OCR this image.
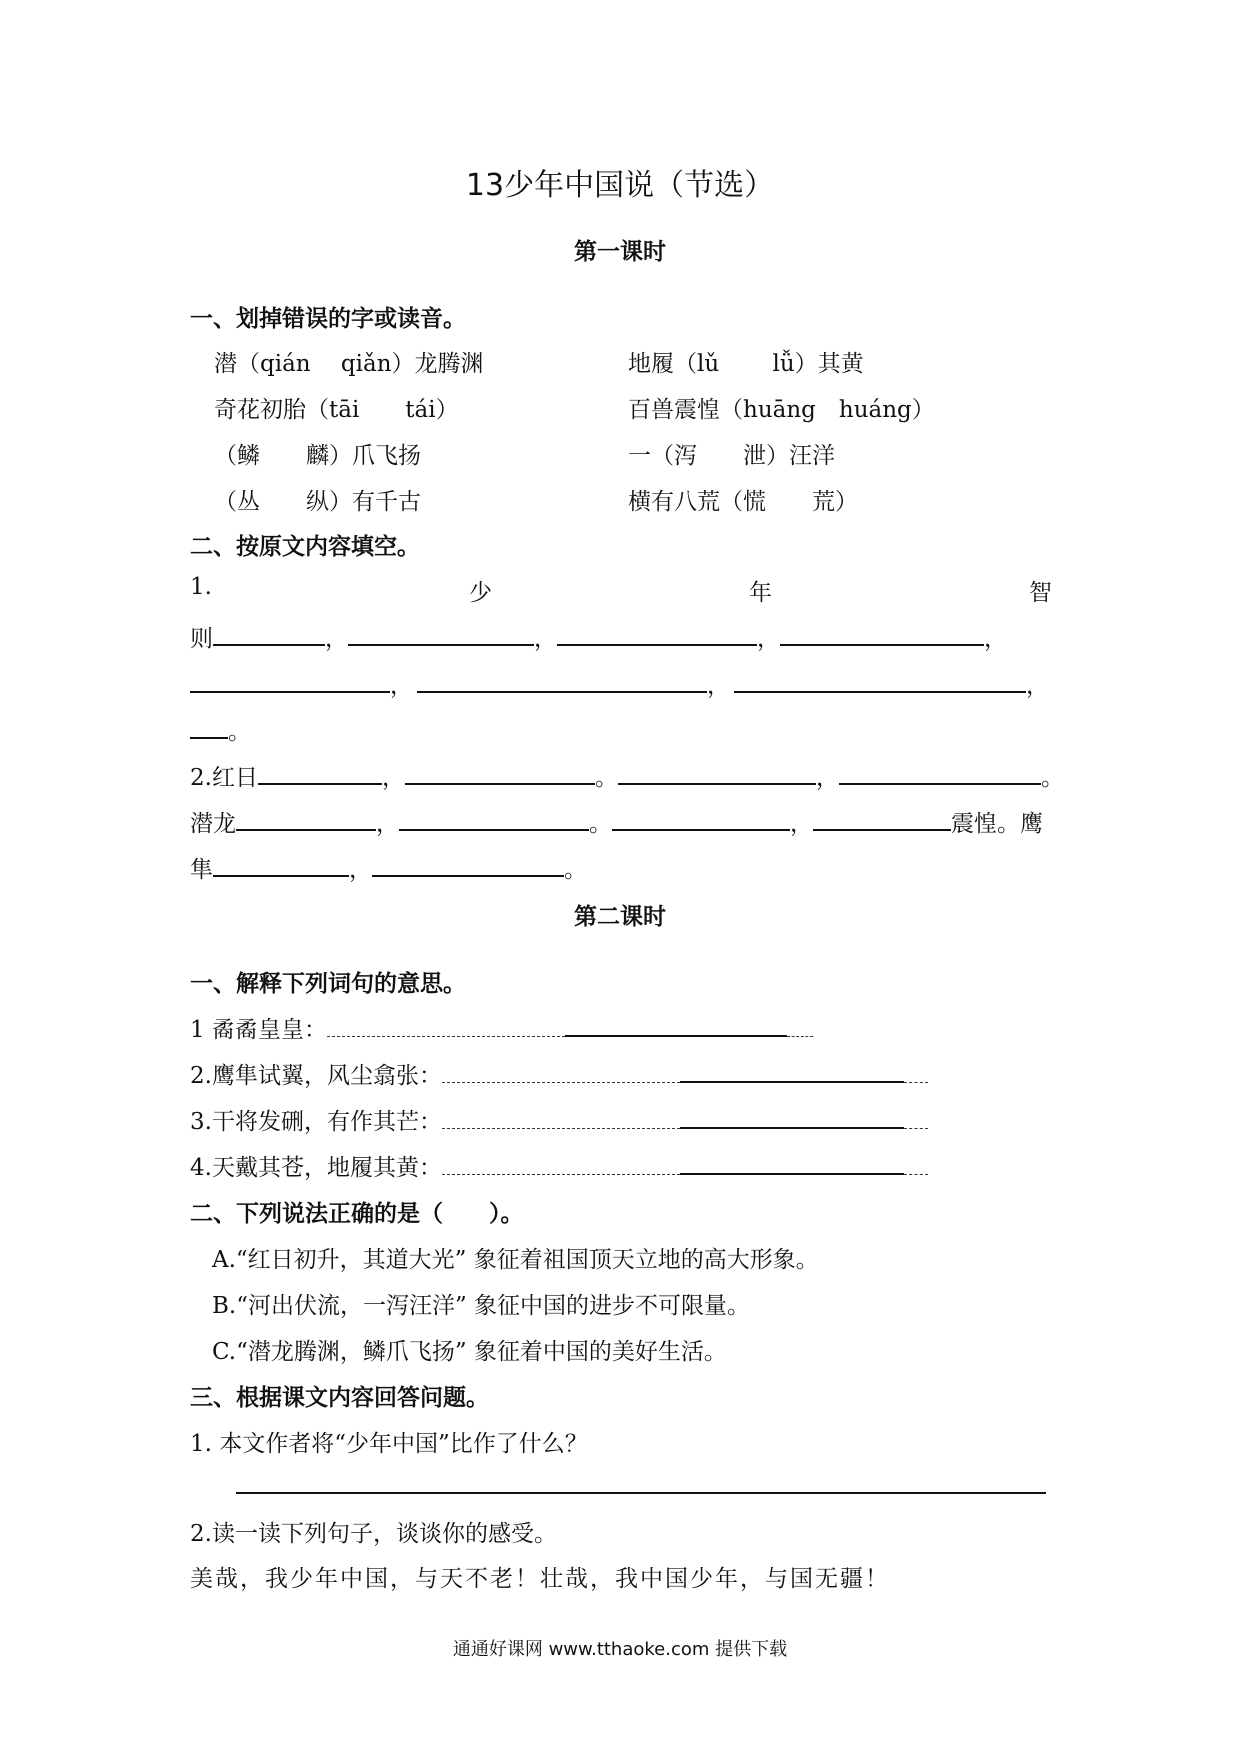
13少年中国说（节选）
第一课时
一、划掉错误的字或读音。
潜（qián　 qiǎn）龙腾渊	地履（lǔ　　 lǚ）其黄
奇花初胎（tāi　　tái）	百兽震惶（huāng　huáng）
（鳞　　麟）爪飞扬	一（泻　　泄）汪洋
（丛　　纵）有千古	横有八荒（慌　　荒）
二、按原文内容填空。
1.	少	年	智
则	，	，	，	，
，	，	，
。
2.红日	，	。	，	。
潜龙	，	。	，	震惶。鹰
隼	，	。
第二课时
一、解释下列词句的意思。
1 矞矞皇皇：
2.鹰隼试翼，风尘翕张：
3.干将发硎，有作其芒：
4.天戴其苍，地履其黄：
二、下列说法正确的是（　　）。
A.“红日初升，其道大光” 象征着祖国顶天立地的高大形象。
B.“河出伏流，一泻汪洋” 象征中国的进步不可限量。
C.“潜龙腾渊，鳞爪飞扬” 象征着中国的美好生活。
三、根据课文内容回答问题。
1. 本文作者将“少年中国”比作了什么？
2.读一读下列句子，谈谈你的感受。
美哉，我少年中国，与天不老！壮哉，我中国少年，与国无疆！
通通好课网 www.tthaoke.com 提供下载
